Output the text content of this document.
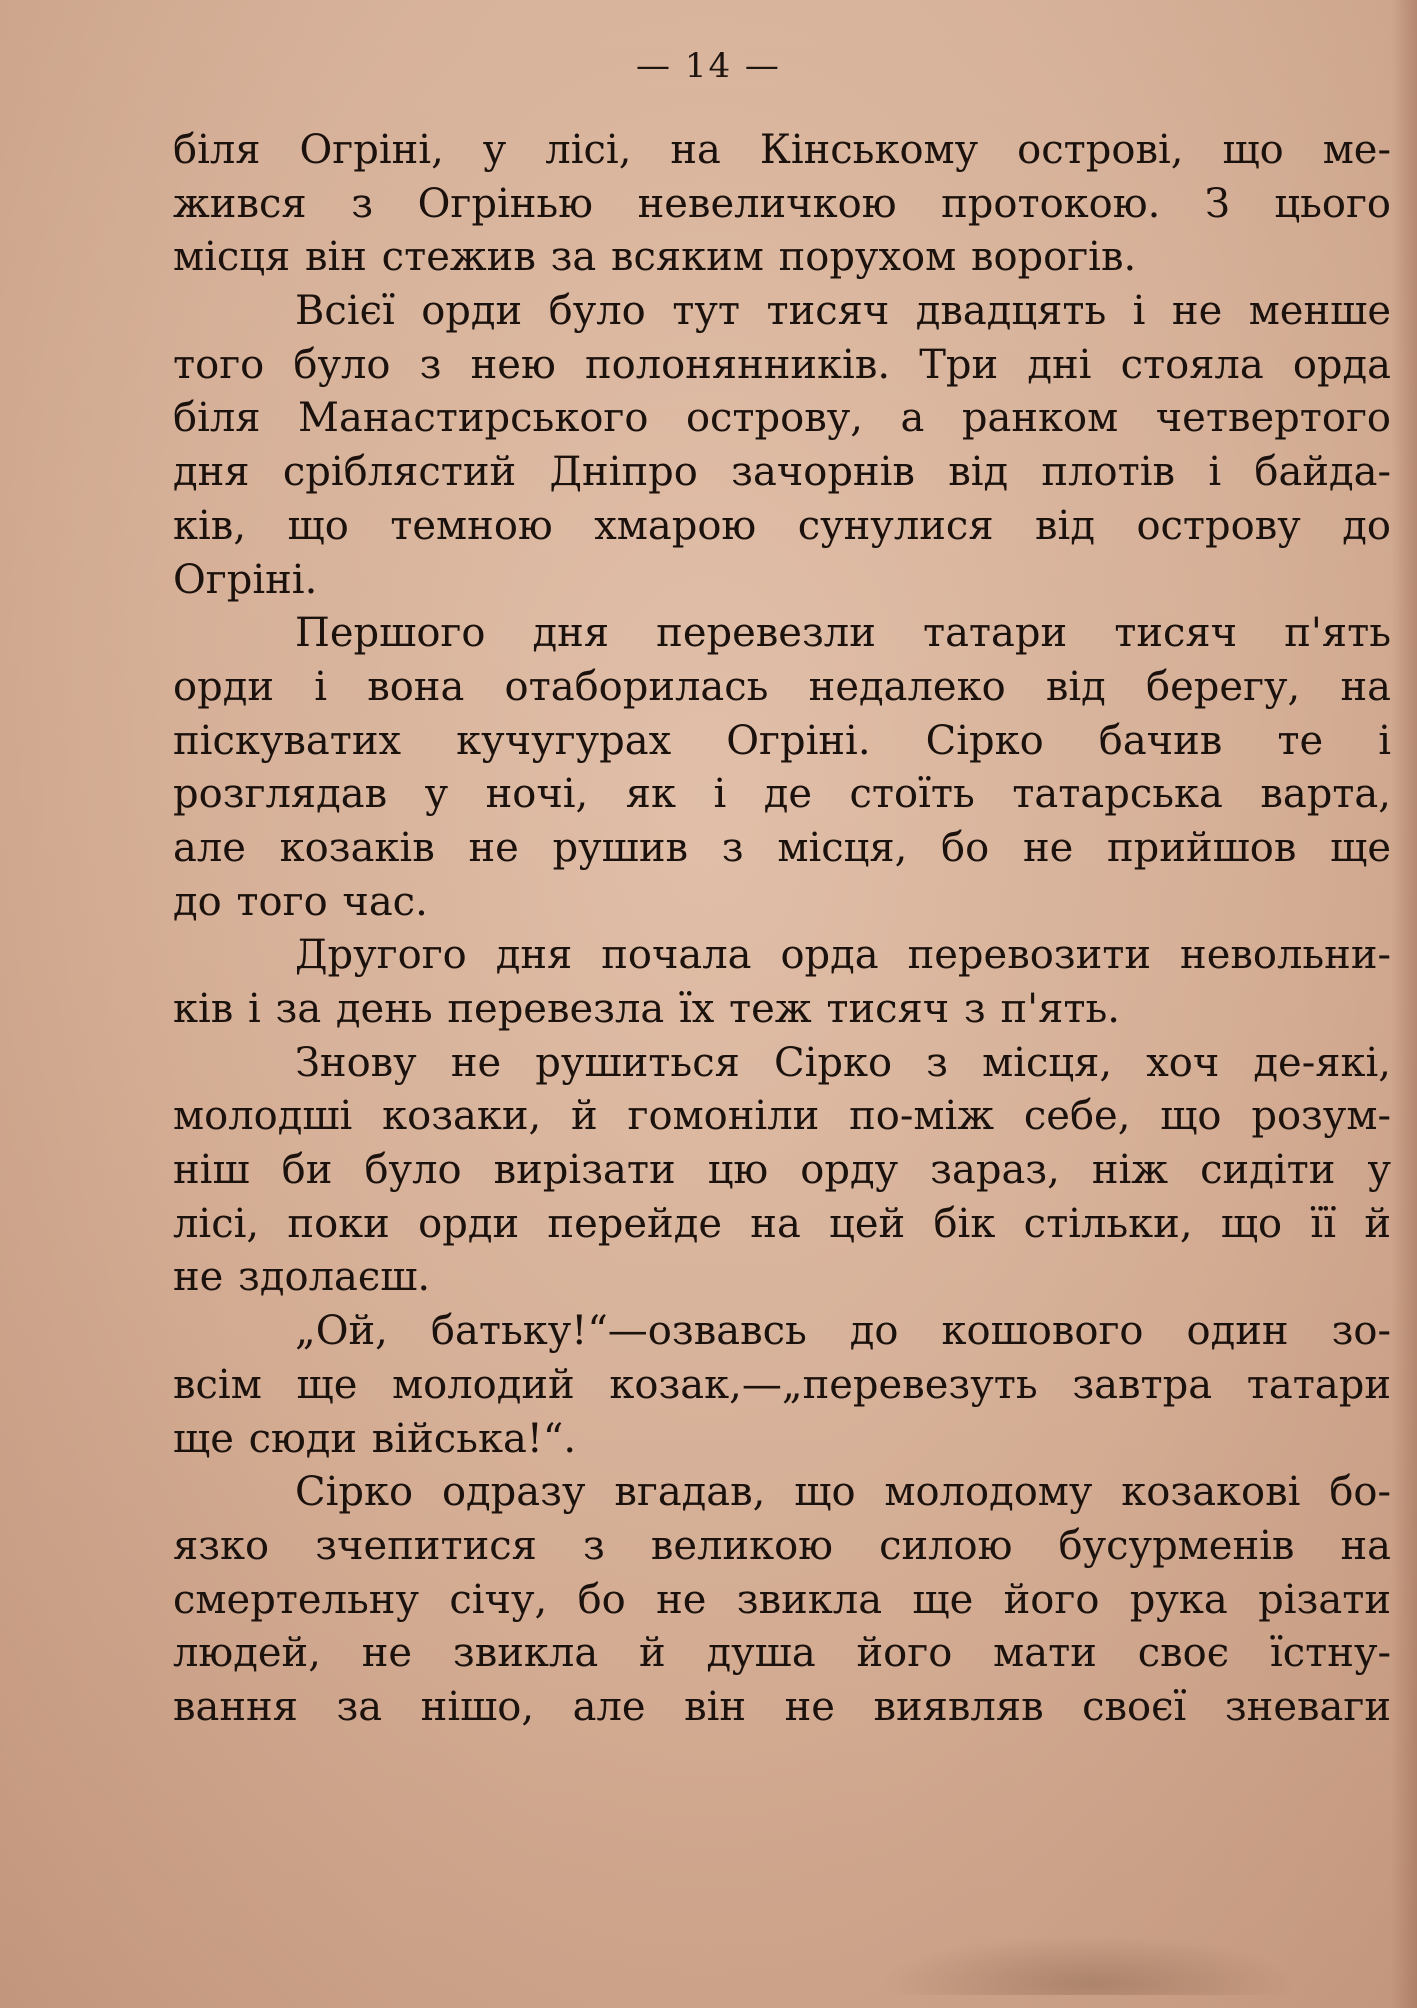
— 14 —
біля Огріні, у лісі, на Кінському острові, що ме-
жився з Огрінью невеличкою протокою. З цього
місця він стежив за всяким порухом ворогів.
Всієї орди було тут тисяч двадцять і не менше
того було з нею полонянників. Три дні стояла орда
біля Манастирського острову, а ранком четвертого
дня сріблястий Дніпро зачорнів від плотів і байда-
ків, що темною хмарою сунулися від острову до
Огріні.
Першого дня перевезли татари тисяч п'ять
орди і вона отаборилась недалеко від берегу, на
піскуватих кучугурах Огріні. Сірко бачив те і
розглядав у ночі, як і де стоїть татарська варта,
але козаків не рушив з місця, бо не прийшов ще
до того час.
Другого дня почала орда перевозити невольни-
ків і за день перевезла їх теж тисяч з п'ять.
Знову не рушиться Сірко з місця, хоч де-які,
молодші козаки, й гомоніли по-між себе, що розум-
ніш би було вирізати цю орду зараз, ніж сидіти у
лісі, поки орди перейде на цей бік стільки, що її й
не здолаєш.
„Ой, батьку!“—озвавсь до кошового один зо-
всім ще молодий козак,—„перевезуть завтра татари
ще сюди війська!“.
Сірко одразу вгадав, що молодому козакові бо-
язко зчепитися з великою силою бусурменів на
смертельну січу, бо не звикла ще його рука різати
людей, не звикла й душа його мати своє їстну-
вання за нішо, але він не виявляв своєї зневаги
